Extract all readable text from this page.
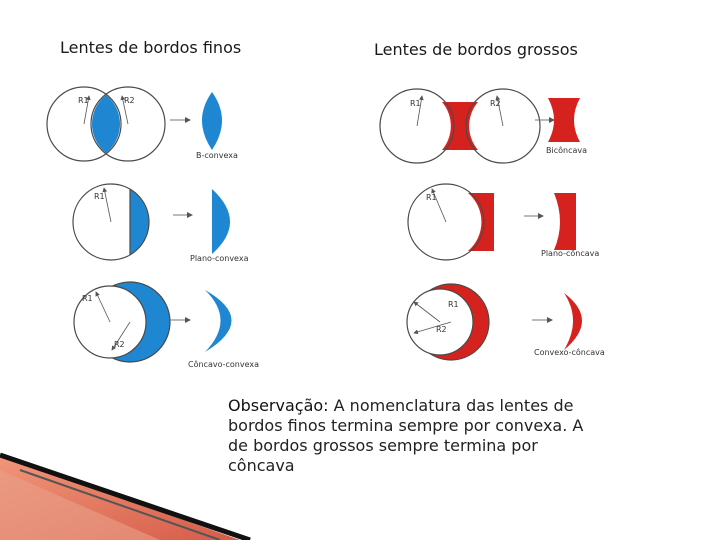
Lentes de bordos finos	Lentes de bordos grossos
R1	R2
B-convexa
R1
Plano-convexa
R1
R2
Côncavo-convexa
R1	R2
Bicôncava
R1
Plano-côncava
R1
R2
Convexo-côncava
Observação: A nomenclatura das lentes de bordos finos termina sempre por convexa. A de bordos grossos sempre termina por côncava
